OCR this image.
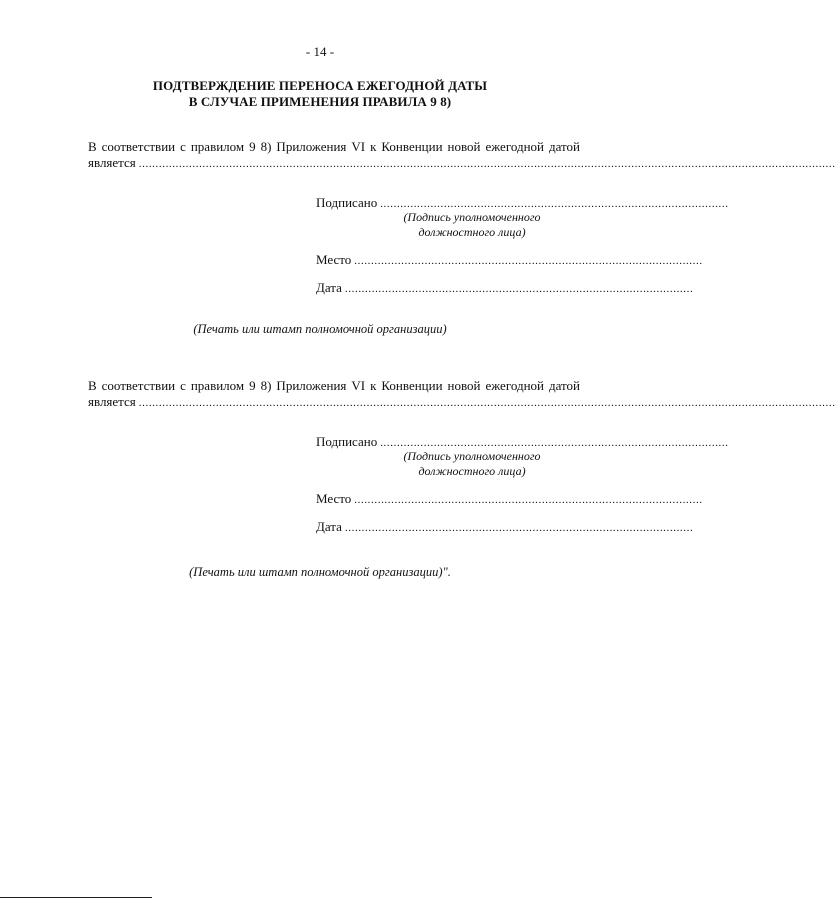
- 14 -
ПОДТВЕРЖДЕНИЕ ПЕРЕНОСА ЕЖЕГОДНОЙ ДАТЫ
В СЛУЧАЕ ПРИМЕНЕНИЯ ПРАВИЛА 9 8)
В соответствии с правилом 9 8) Приложения VI к Конвенции новой ежегодной датой
является ................................................................................................................................................................................................................
Подписано ........................................................................................................
(Подпись уполномоченного
должностного лица)
Место ........................................................................................................
Дата ........................................................................................................
(Печать или штамп полномочной организации)
В соответствии с правилом 9 8) Приложения VI к Конвенции новой ежегодной датой
является ................................................................................................................................................................................................................
Подписано ........................................................................................................
(Подпись уполномоченного
должностного лица)
Место ........................................................................................................
Дата ........................................................................................................
(Печать или штамп полномочной организации)".
